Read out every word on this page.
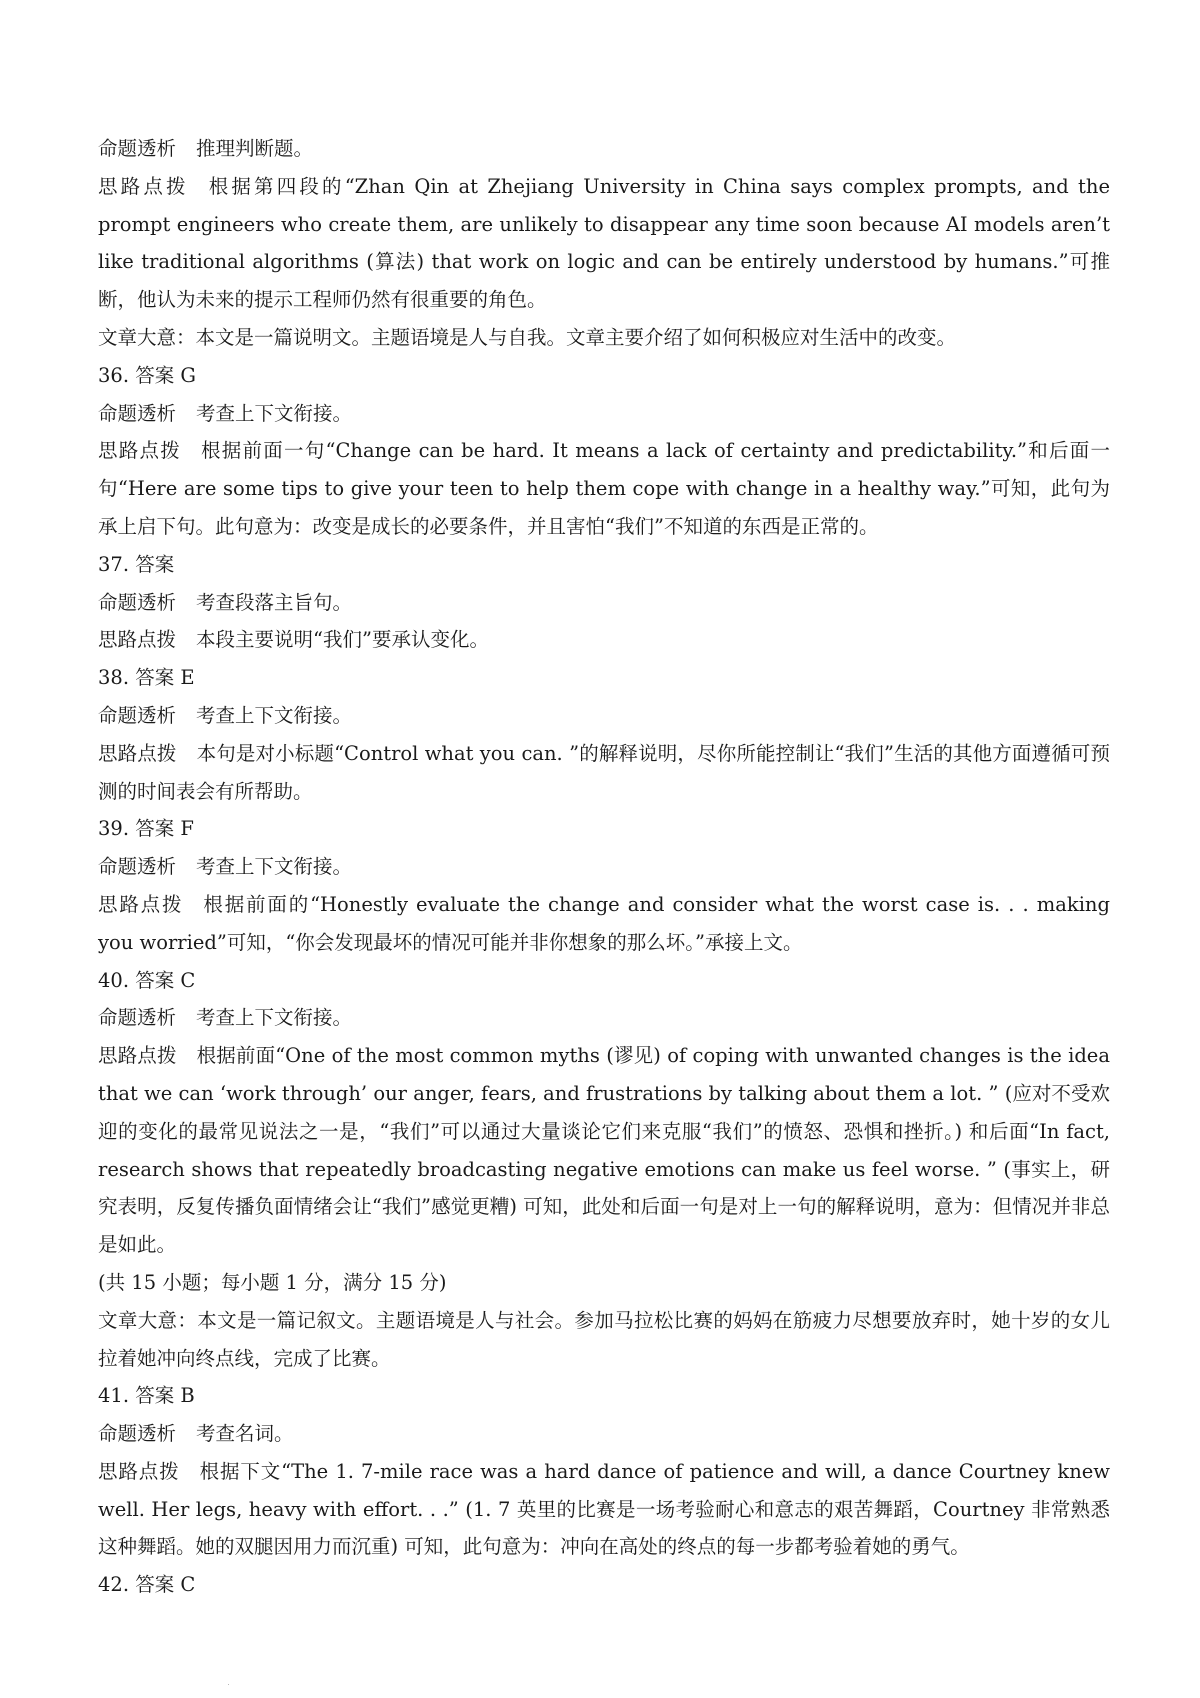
命题透析 推理判断题。
思路点拨 根据第四段的“Zhan Qin at Zhejiang University in China says complex prompts, and the prompt engineers who create them, are unlikely to disappear any time soon because AI models aren’t like traditional algorithms (算法) that work on logic and can be entirely understood by humans.”可推断，他认为未来的提示工程师仍然有很重要的角色。
文章大意：本文是一篇说明文。主题语境是人与自我。文章主要介绍了如何积极应对生活中的改变。
36. 答案 G
命题透析 考查上下文衔接。
思路点拨 根据前面一句“Change can be hard. It means a lack of certainty and predictability.”和后面一句“Here are some tips to give your teen to help them cope with change in a healthy way.”可知，此句为承上启下句。此句意为：改变是成长的必要条件，并且害怕“我们”不知道的东西是正常的。
37. 答案
命题透析 考查段落主旨句。
思路点拨 本段主要说明“我们”要承认变化。
38. 答案 E
命题透析 考查上下文衔接。
思路点拨 本句是对小标题“Control what you can. ”的解释说明，尽你所能控制让“我们”生活的其他方面遵循可预测的时间表会有所帮助。
39. 答案 F
命题透析 考查上下文衔接。
思路点拨 根据前面的“Honestly evaluate the change and consider what the worst case is. . . making you worried”可知，“你会发现最坏的情况可能并非你想象的那么坏。”承接上文。
40. 答案 C
命题透析 考查上下文衔接。
思路点拨 根据前面“One of the most common myths (谬见) of coping with unwanted changes is the idea that we can ‘work through’ our anger, fears, and frustrations by talking about them a lot. ” (应对不受欢迎的变化的最常见说法之一是，“我们”可以通过大量谈论它们来克服“我们”的愤怒、恐惧和挫折。) 和后面“In fact, research shows that repeatedly broadcasting negative emotions can make us feel worse. ” (事实上，研究表明，反复传播负面情绪会让“我们”感觉更糟) 可知，此处和后面一句是对上一句的解释说明，意为：但情况并非总是如此。
(共 15 小题；每小题 1 分，满分 15 分)
文章大意：本文是一篇记叙文。主题语境是人与社会。参加马拉松比赛的妈妈在筋疲力尽想要放弃时，她十岁的女儿拉着她冲向终点线，完成了比赛。
41. 答案 B
命题透析 考查名词。
思路点拨 根据下文“The 1. 7-mile race was a hard dance of patience and will, a dance Courtney knew well. Her legs, heavy with effort. . .” (1. 7 英里的比赛是一场考验耐心和意志的艰苦舞蹈，Courtney 非常熟悉这种舞蹈。她的双腿因用力而沉重) 可知，此句意为：冲向在高处的终点的每一步都考验着她的勇气。
42. 答案 C
